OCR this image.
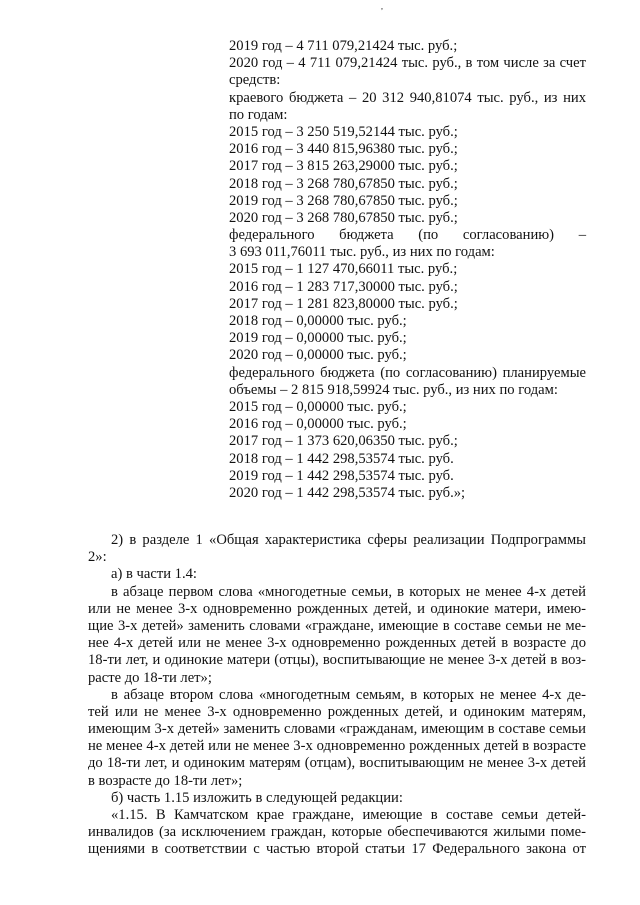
,
2019 год – 4 711 079,21424 тыс. руб.;
2020 год – 4 711 079,21424 тыс. руб., в том числе за счет
средств:
краевого бюджета – 20 312 940,81074 тыс. руб., из них
по годам:
2015 год – 3 250 519,52144 тыс. руб.;
2016 год – 3 440 815,96380 тыс. руб.;
2017 год – 3 815 263,29000 тыс. руб.;
2018 год – 3 268 780,67850 тыс. руб.;
2019 год – 3 268 780,67850 тыс. руб.;
2020 год – 3 268 780,67850 тыс. руб.;
федерального бюджета (по согласованию) –
3 693 011,76011 тыс. руб., из них по годам:
2015 год – 1 127 470,66011 тыс. руб.;
2016 год – 1 283 717,30000 тыс. руб.;
2017 год – 1 281 823,80000 тыс. руб.;
2018 год – 0,00000 тыс. руб.;
2019 год – 0,00000 тыс. руб.;
2020 год – 0,00000 тыс. руб.;
федерального бюджета (по согласованию) планируемые
объемы – 2 815 918,59924 тыс. руб., из них по годам:
2015 год – 0,00000 тыс. руб.;
2016 год – 0,00000 тыс. руб.;
2017 год – 1 373 620,06350 тыс. руб.;
2018 год – 1 442 298,53574 тыс. руб.
2019 год – 1 442 298,53574 тыс. руб.
2020 год – 1 442 298,53574 тыс. руб.»;
2) в разделе 1 «Общая характеристика сферы реализации Подпрограммы
2»:
а) в части 1.4:
в абзаце первом слова «многодетные семьи, в которых не менее 4-х детей
или не менее 3-х одновременно рожденных детей, и одинокие матери, имею-
щие 3-х детей» заменить словами «граждане, имеющие в составе семьи не ме-
нее 4-х детей или не менее 3-х одновременно рожденных детей в возрасте до
18-ти лет, и одинокие матери (отцы), воспитывающие не менее 3-х детей в воз-
расте до 18-ти лет»;
в абзаце втором слова «многодетным семьям, в которых не менее 4-х де-
тей или не менее 3-х одновременно рожденных детей, и одиноким матерям,
имеющим 3-х детей» заменить словами «гражданам, имеющим в составе семьи
не менее 4-х детей или не менее 3-х одновременно рожденных детей в возрасте
до 18-ти лет, и одиноким матерям (отцам), воспитывающим не менее 3-х детей
в возрасте до 18-ти лет»;
б) часть 1.15 изложить в следующей редакции:
«1.15. В Камчатском крае граждане, имеющие в составе семьи детей-
инвалидов (за исключением граждан, которые обеспечиваются жилыми поме-
щениями в соответствии с частью второй статьи 17 Федерального закона от
